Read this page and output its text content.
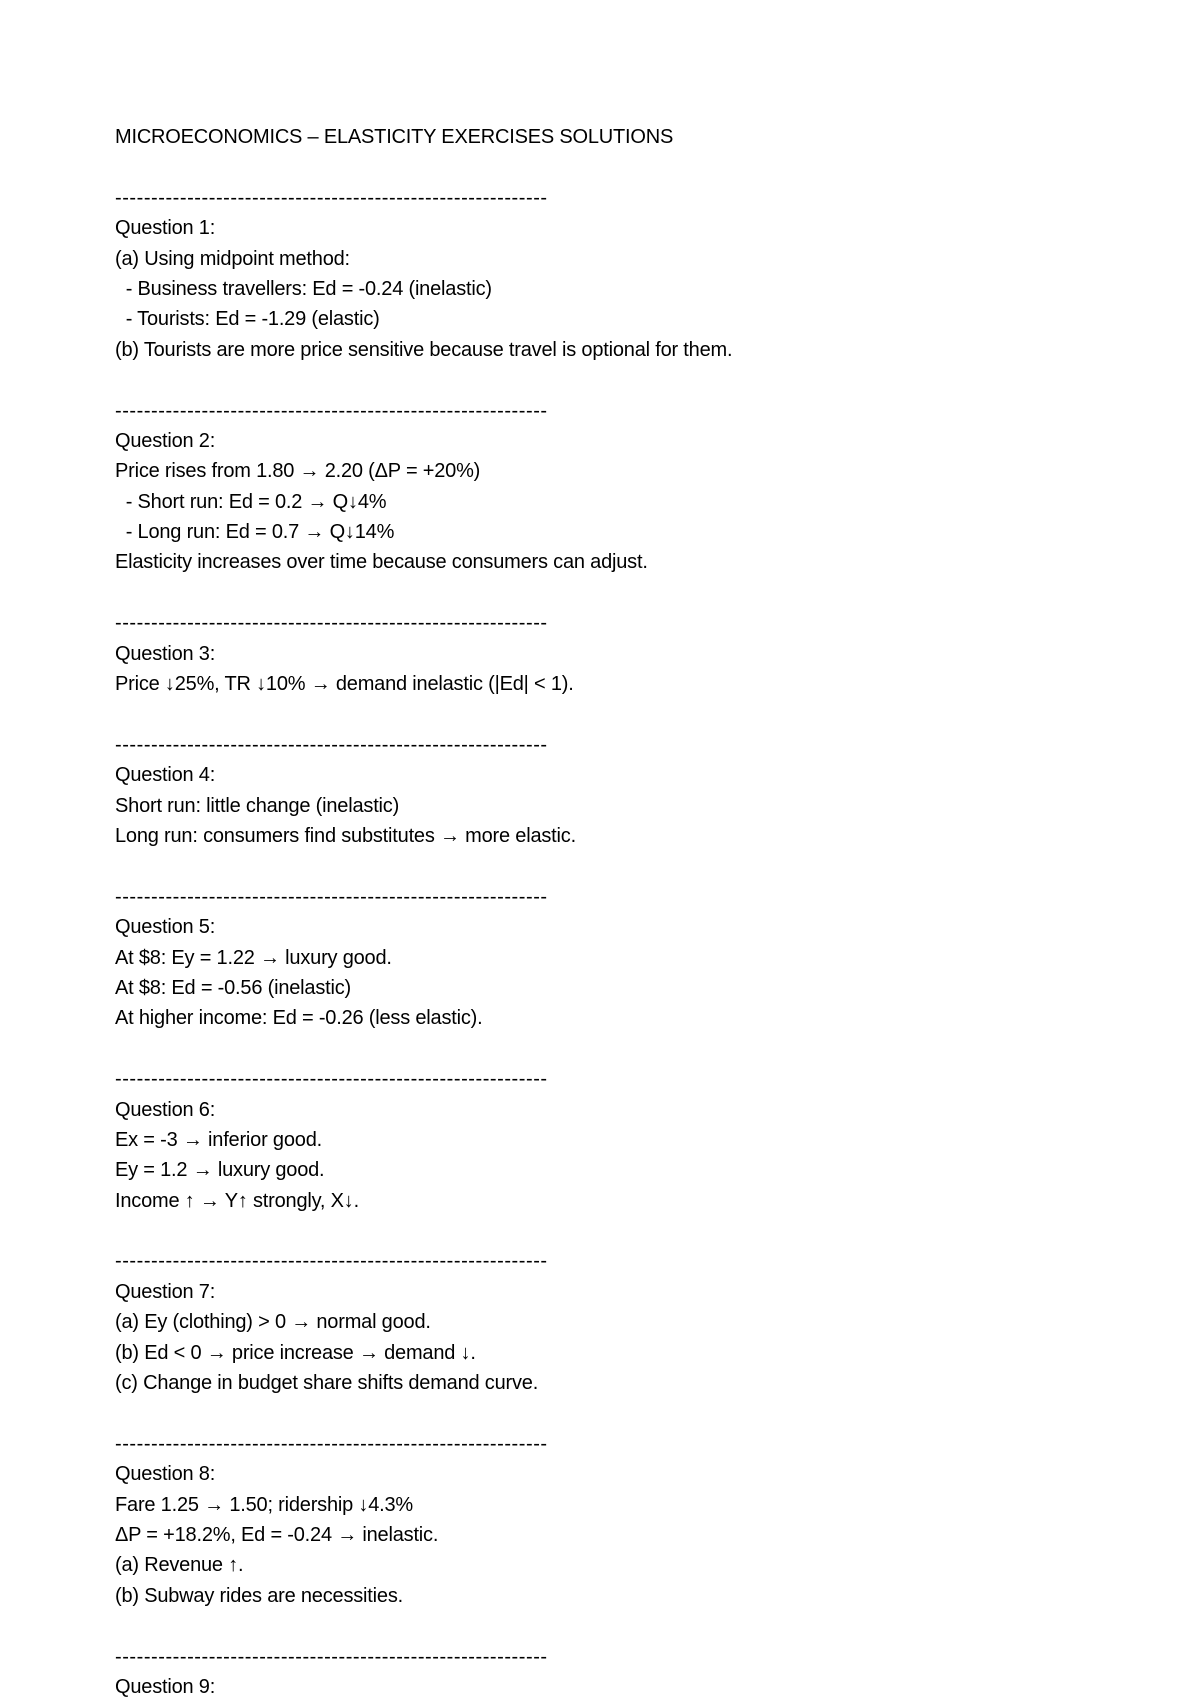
MICROECONOMICS – ELASTICITY EXERCISES SOLUTIONS
------------------------------------------------------------
Question 1:
(a) Using midpoint method:
- Business travellers: Ed = -0.24 (inelastic)
- Tourists: Ed = -1.29 (elastic)
(b) Tourists are more price sensitive because travel is optional for them.
------------------------------------------------------------
Question 2:
Price rises from 1.80 → 2.20 (ΔP = +20%)
- Short run: Ed = 0.2 → Q↓4%
- Long run: Ed = 0.7 → Q↓14%
Elasticity increases over time because consumers can adjust.
------------------------------------------------------------
Question 3:
Price ↓25%, TR ↓10% → demand inelastic (|Ed| < 1).
------------------------------------------------------------
Question 4:
Short run: little change (inelastic)
Long run: consumers find substitutes → more elastic.
------------------------------------------------------------
Question 5:
At $8: Ey = 1.22 → luxury good.
At $8: Ed = -0.56 (inelastic)
At higher income: Ed = -0.26 (less elastic).
------------------------------------------------------------
Question 6:
Ex = -3 → inferior good.
Ey = 1.2 → luxury good.
Income ↑ → Y↑ strongly, X↓.
------------------------------------------------------------
Question 7:
(a) Ey (clothing) > 0 → normal good.
(b) Ed < 0 → price increase → demand ↓.
(c) Change in budget share shifts demand curve.
------------------------------------------------------------
Question 8:
Fare 1.25 → 1.50; ridership ↓4.3%
ΔP = +18.2%, Ed = -0.24 → inelastic.
(a) Revenue ↑.
(b) Subway rides are necessities.
------------------------------------------------------------
Question 9:
